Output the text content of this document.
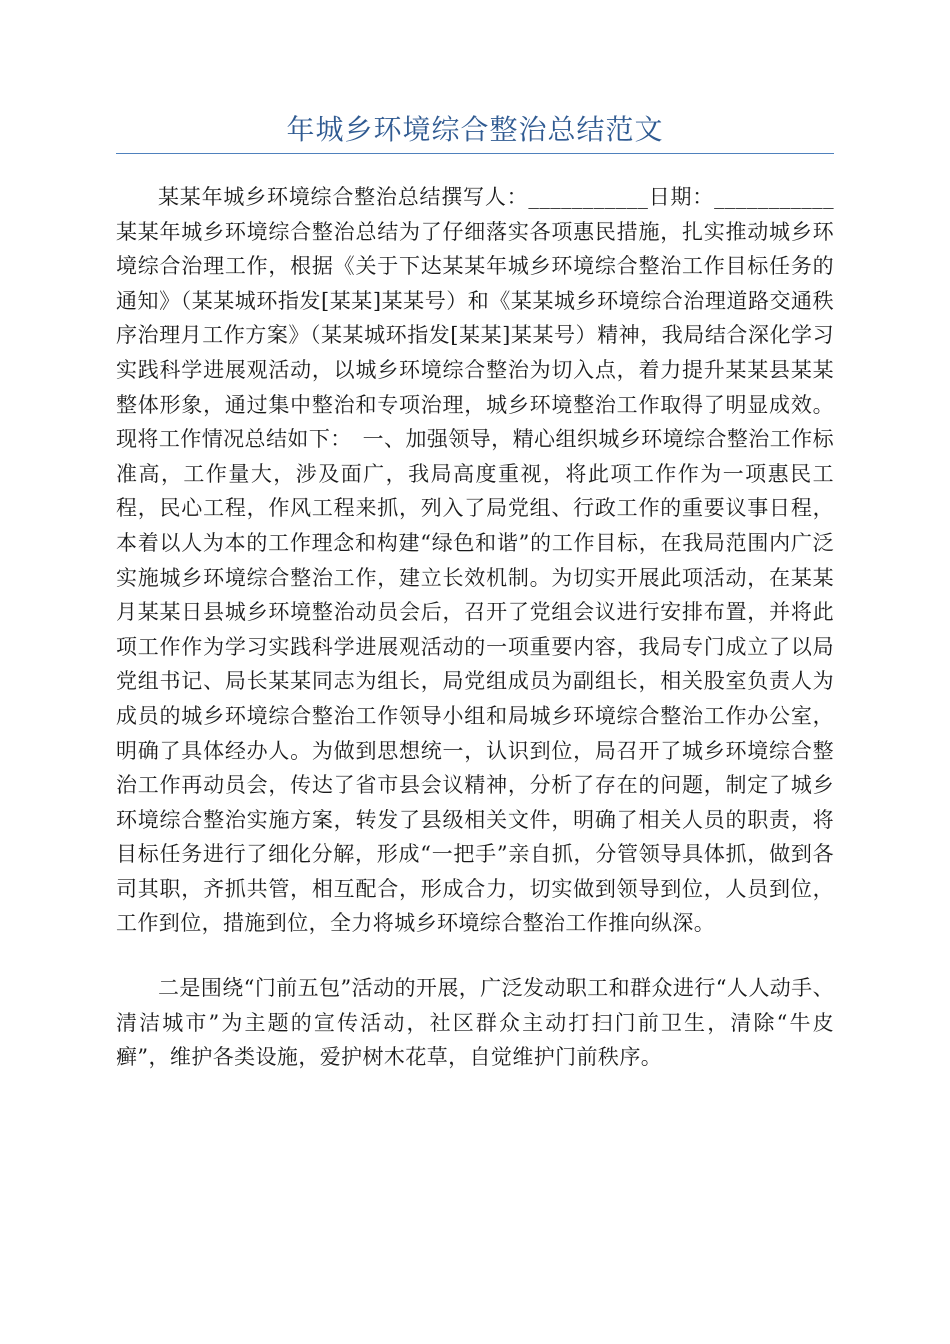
年城乡环境综合整治总结范文

某某年城乡环境综合整治总结撰写人：___________日期：___________某某年城乡环境综合整治总结为了仔细落实各项惠民措施，扎实推动城乡环境综合治理工作，根据《关于下达某某年城乡环境综合整治工作目标任务的通知》（某某城环指发[某某]某某号）和《某某城乡环境综合治理道路交通秩序治理月工作方案》（某某城环指发[某某]某某号）精神，我局结合深化学习实践科学进展观活动，以城乡环境综合整治为切入点，着力提升某某县某某整体形象，通过集中整治和专项治理，城乡环境整治工作取得了明显成效。现将工作情况总结如下：　一、加强领导，精心组织城乡环境综合整治工作标准高，工作量大，涉及面广，我局高度重视，将此项工作作为一项惠民工程，民心工程，作风工程来抓，列入了局党组、行政工作的重要议事日程，本着以人为本的工作理念和构建“绿色和谐”的工作目标，在我局范围内广泛实施城乡环境综合整治工作，建立长效机制。为切实开展此项活动，在某某月某某日县城乡环境整治动员会后，召开了党组会议进行安排布置，并将此项工作作为学习实践科学进展观活动的一项重要内容，我局专门成立了以局党组书记、局长某某同志为组长，局党组成员为副组长，相关股室负责人为成员的城乡环境综合整治工作领导小组和局城乡环境综合整治工作办公室，明确了具体经办人。为做到思想统一，认识到位，局召开了城乡环境综合整治工作再动员会，传达了省市县会议精神，分析了存在的问题，制定了城乡环境综合整治实施方案，转发了县级相关文件，明确了相关人员的职责，将目标任务进行了细化分解，形成“一把手”亲自抓，分管领导具体抓，做到各司其职，齐抓共管，相互配合，形成合力，切实做到领导到位，人员到位，工作到位，措施到位，全力将城乡环境综合整治工作推向纵深。

二是围绕“门前五包”活动的开展，广泛发动职工和群众进行“人人动手、清洁城市”为主题的宣传活动，社区群众主动打扫门前卫生，清除“牛皮癣”，维护各类设施，爱护树木花草，自觉维护门前秩序。
